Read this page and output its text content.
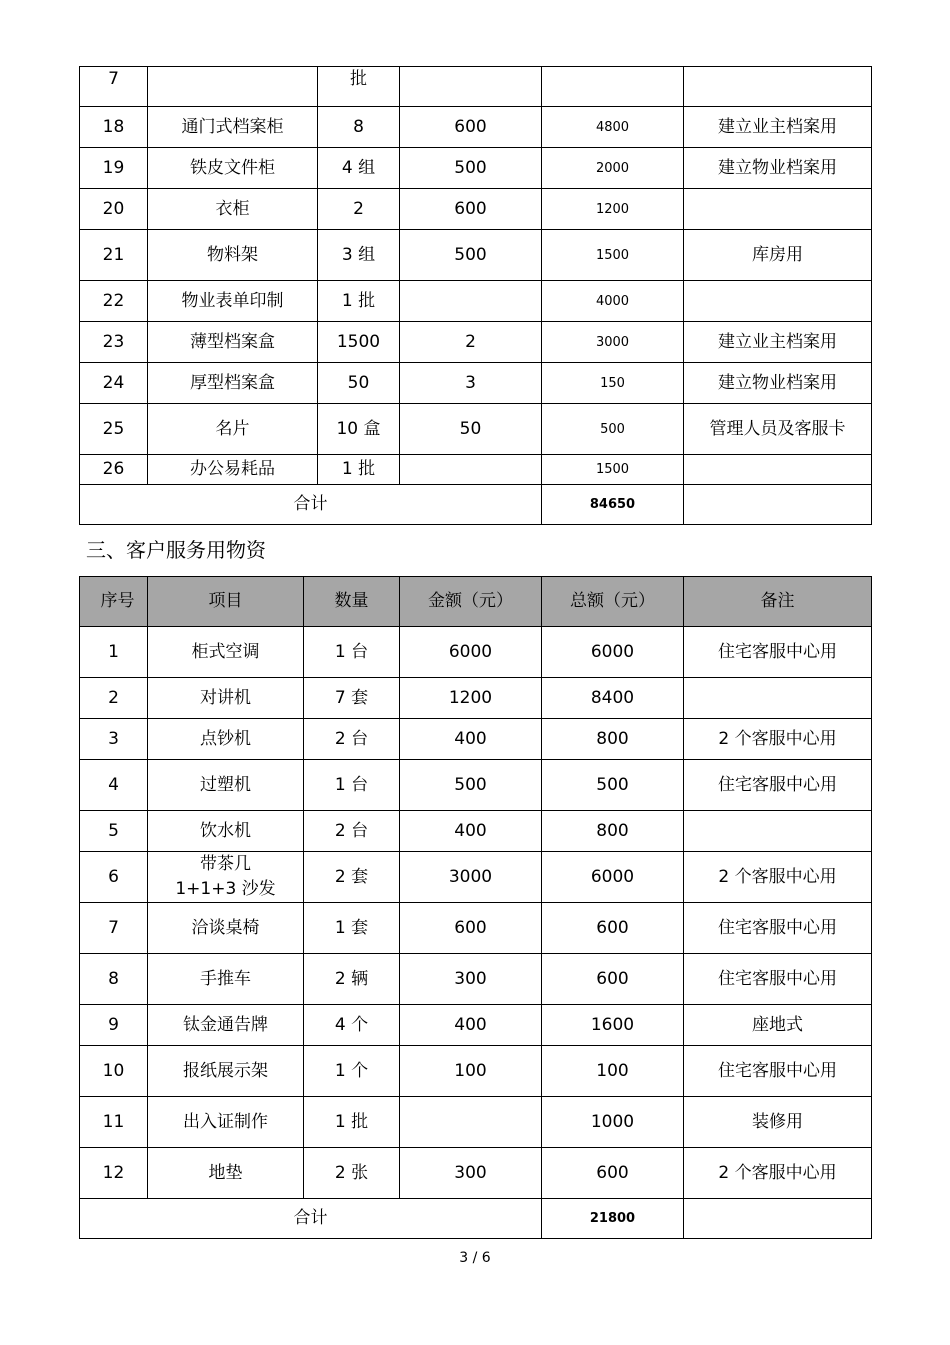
7		批			
18	通门式档案柜	8	600	4800	建立业主档案用
19	铁皮文件柜	4 组	500	2000	建立物业档案用
20	衣柜	2	600	1200	
21	物料架	3 组	500	1500	库房用
22	物业表单印制	1 批		4000	
23	薄型档案盒	1500	2	3000	建立业主档案用
24	厚型档案盒	50	3	150	建立物业档案用
25	名片	10 盒	50	500	管理人员及客服卡
26	办公易耗品	1 批		1500	
合计				84650	
三、客户服务用物资
序号	项目	数量	金额（元）	总额（元）	备注
1	柜式空调	1 台	6000	6000	住宅客服中心用
2	对讲机	7 套	1200	8400	
3	点钞机	2 台	400	800	2 个客服中心用
4	过塑机	1 台	500	500	住宅客服中心用
5	饮水机	2 台	400	800	
6	带茶几 1+1+3 沙发	2 套	3000	6000	2 个客服中心用
7	洽谈桌椅	1 套	600	600	住宅客服中心用
8	手推车	2 辆	300	600	住宅客服中心用
9	钛金通告牌	4 个	400	1600	座地式
10	报纸展示架	1 个	100	100	住宅客服中心用
11	出入证制作	1 批		1000	装修用
12	地垫	2 张	300	600	2 个客服中心用
合计				21800	
3 / 6
